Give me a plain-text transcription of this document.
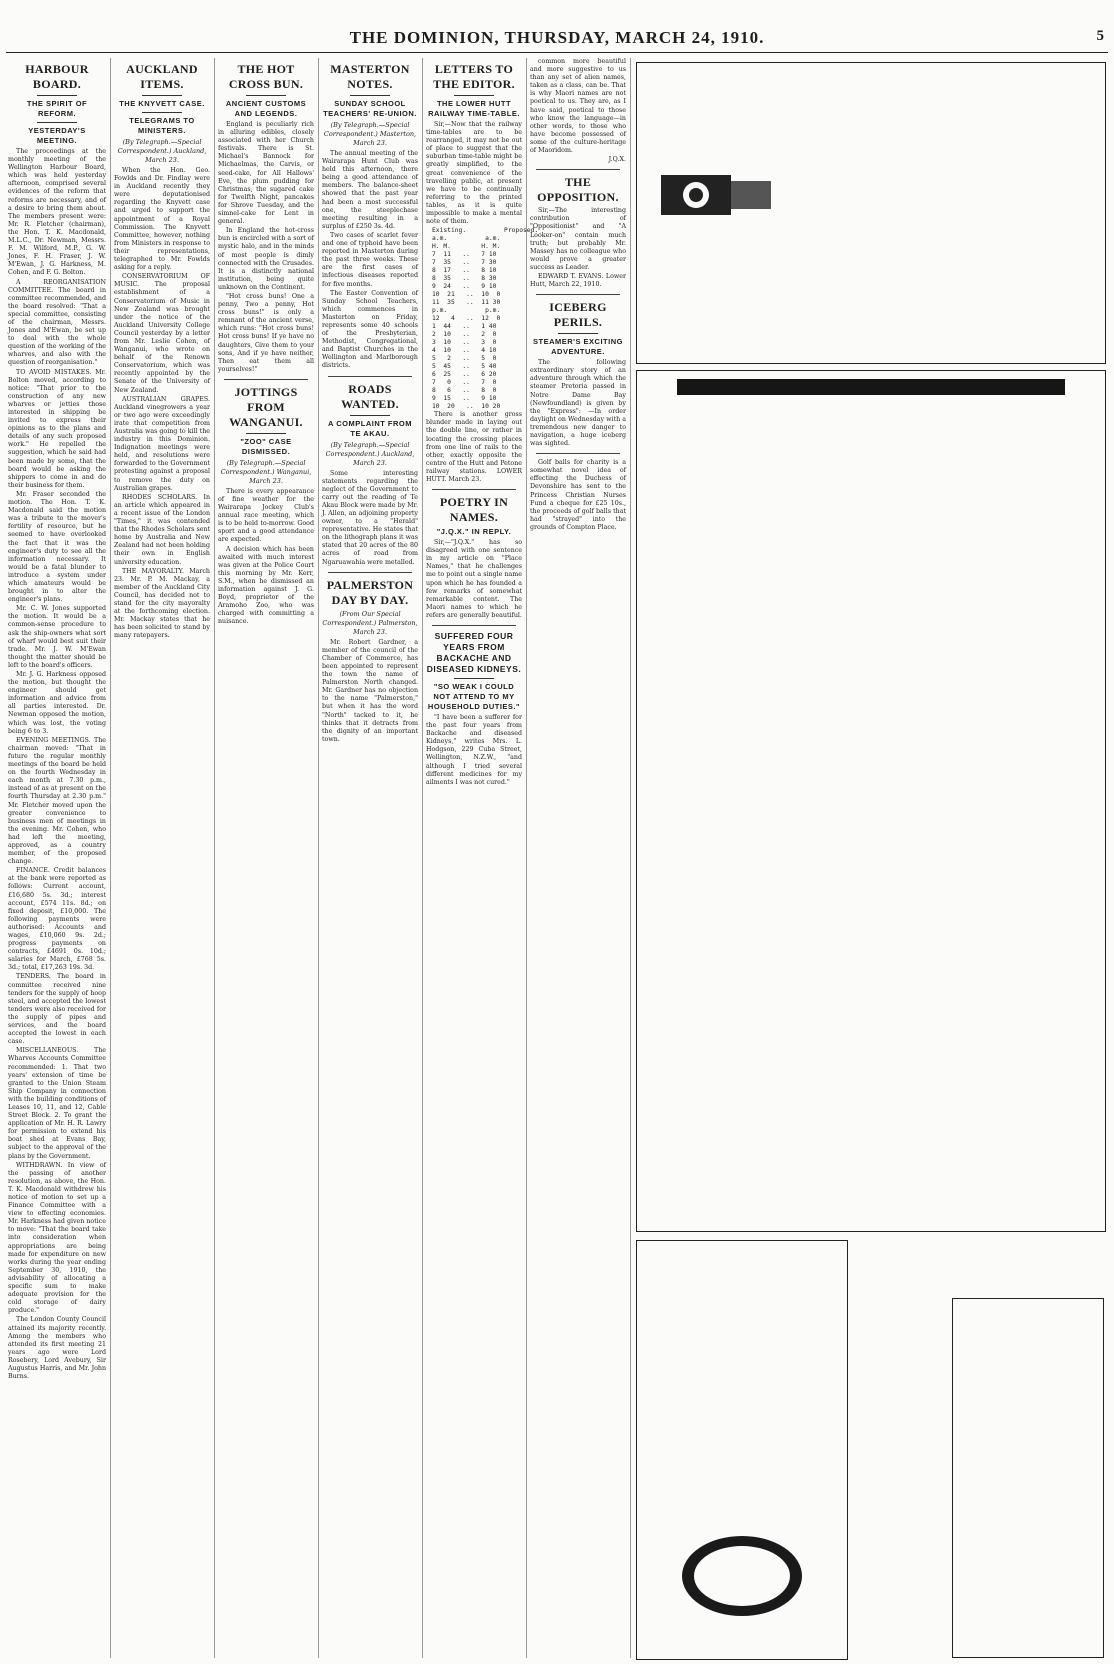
THE DOMINION, THURSDAY, MARCH 24, 1910.	5
HARBOUR BOARD.
THE SPIRIT OF REFORM.
YESTERDAY'S MEETING.

The proceedings at the monthly meeting of the Wellington Harbour Board, which was held yesterday afternoon, comprised several evidences of the reform that reforms are necessary, and of a desire to bring them about. The members present were: Mr. R. Fletcher (chairman), the Hon. T. K. Macdonald, M.L.C., Dr. Newman, Messrs. F. M. Wilford, M.P., G. W. Jones, F. H. Fraser, J. W. M'Ewan, J. G. Harkness, M. Cohen, and F. G. Bolton.

A REORGANISATION COMMITTEE. The board in committee recommended, and the board resolved: "That a special committee, consisting of the chairman, Messrs. Jones and M'Ewan, be set up to deal with the whole question of the working of the wharves, and also with the question of reorganisation."

TO AVOID MISTAKES. Mr. Bolton moved, according to notice: "That prior to the construction of any new wharves or jetties those interested in shipping be invited to express their opinions as to the plans and details of any such proposed work." He repelled the suggestion, which he said had been made by some, that the board would be asking the shippers to come in and do their business for them.

Mr. Fraser seconded the motion. The Hon. T. K. Macdonald said the motion was a tribute to the mover's fertility of resource, but he seemed to have overlooked the fact that it was the engineer's duty to see all the information necessary. It would be a fatal blunder to introduce a system under which amateurs would be brought in to alter the engineer's plans.

Mr. C. W. Jones supported the motion. It would be a common-sense procedure to ask the ship-owners what sort of wharf would best suit their trade. Mr. J. W. M'Ewan thought the matter should be left to the board's officers.

Mr. J. G. Harkness opposed the motion, but thought the engineer should get information and advice from all parties interested. Dr. Newman opposed the motion, which was lost, the voting being 6 to 3.

EVENING MEETINGS. The chairman moved: "That in future the regular monthly meetings of the board be held on the fourth Wednesday in each month at 7.30 p.m., instead of as at present on the fourth Thursday at 2.30 p.m." Mr. Fletcher moved upon the greater convenience to business men of meetings in the evening. Mr. Cohen, who had left the meeting, approved, as a country member, of the proposed change.

FINANCE. Credit balances at the bank were reported as follows: Current account, £16,680 5s. 3d.; interest account, £574 11s. 8d.; on fixed deposit, £10,000. The following payments were authorised: Accounts and wages, £10,060 9s. 2d.; progress payments on contracts, £4691 0s. 10d.; salaries for March, £768 5s. 3d.; total, £17,263 19s. 3d.

TENDERS. The board in committee received nine tenders for the supply of hoop steel, and accepted the lowest tenders were also received for the supply of pipes and services, and the board accepted the lowest in each case.

MISCELLANEOUS. The Wharves Accounts Committee recommended: 1. That two years' extension of time be granted to the Union Steam Ship Company in connection with the building conditions of Leases 10, 11, and 12, Cable Street Block. 2. To grant the application of Mr. H. R. Lawry for permission to extend his boat shed at Evans Bay, subject to the approval of the plans by the Government.

WITHDRAWN. In view of the passing of another resolution, as above, the Hon. T. K. Macdonald withdrew his notice of motion to set up a Finance Committee with a view to effecting economies. Mr. Harkness had given notice to move: "That the board take into consideration when appropriations are being made for expenditure on new works during the year ending September 30, 1910, the advisability of allocating a specific sum to make adequate provision for the cold storage of dairy produce."

The London County Council attained its majority recently. Among the members who attended its first meeting 21 years ago were Lord Rosebery, Lord Avebury, Sir Augustus Harris, and Mr. John Burns.

AUCKLAND ITEMS.
THE KNYVETT CASE.
TELEGRAMS TO MINISTERS.
(By Telegraph.—Special Correspondent.) Auckland, March 23.

When the Hon. Geo. Fowlds and Dr. Findlay were in Auckland recently they were deputationised regarding the Knyvett case and urged to support the appointment of a Royal Commission. The Knyvett Committee, however, nothing from Ministers in response to their representations, telegraphed to Mr. Fowlds asking for a reply.

CONSERVATORIUM OF MUSIC. The proposal establishment of a Conservatorium of Music in New Zealand was brought under the notice of the Auckland University College Council yesterday by a letter from Mr. Leslie Cohen, of Wanganui, who wrote on behalf of the Renown Conservatorium, which was recently appointed by the Senate of the University of New Zealand.

AUSTRALIAN GRAPES. Auckland vinegrowers a year or two ago were exceedingly irate that competition from Australia was going to kill the industry in this Dominion. Indignation meetings were held, and resolutions were forwarded to the Government protesting against a proposal to remove the duty on Australian grapes.

RHODES SCHOLARS. In an article which appeared in a recent issue of the London "Times," it was contended that the Rhodes Scholars sent home by Australia and New Zealand had not been holding their own in English university education.

THE MAYORALTY. March 23. Mr. P. M. Mackay, a member of the Auckland City Council, has decided not to stand for the city mayoralty at the forthcoming election. Mr. Mackay states that he has been solicited to stand by many ratepayers.

THE HOT CROSS BUN.
ANCIENT CUSTOMS AND LEGENDS.

England is peculiarly rich in alluring edibles, closely associated with her Church festivals. There is St. Michael's Bannock for Michaelmas, the Carvis, or seed-cake, for All Hallows' Eve, the plum pudding for Christmas, the sugared cake for Twelfth Night, pancakes for Shrove Tuesday, and the simnel-cake for Lent in general.

In England the hot-cross bun is encircled with a sort of mystic halo, and in the minds of most people is dimly connected with the Crusades. It is a distinctly national institution, being quite unknown on the Continent.

"Hot cross buns! One a penny, Two a penny, Hot cross buns!" is only a remnant of the ancient verse, which runs: "Hot cross buns! Hot cross buns! If ye have no daughters, Give them to your sons, And if ye have neither, Then eat them all yourselves!"

JOTTINGS FROM WANGANUI.
"ZOO" CASE DISMISSED.
(By Telegraph.—Special Correspondent.) Wanganui, March 23.

There is every appearance of fine weather for the Wairarapa Jockey Club's annual race meeting, which is to be held to-morrow. Good sport and a good attendance are expected.

A decision which has been awaited with much interest was given at the Police Court this morning by Mr. Kerr, S.M., when he dismissed an information against J. G. Boyd, proprietor of the Aramoho Zoo, who was charged with committing a nuisance.

MASTERTON NOTES.
SUNDAY SCHOOL TEACHERS' RE-UNION.
(By Telegraph.—Special Correspondent.) Masterton, March 23.

The annual meeting of the Wairarapa Hunt Club was held this afternoon, there being a good attendance of members. The balance-sheet showed that the past year had been a most successful one, the steeplechase meeting resulting in a surplus of £250 3s. 4d.

Two cases of scarlet fever and one of typhoid have been reported in Masterton during the past three weeks. These are the first cases of infectious diseases reported for five months.

The Easter Convention of Sunday School Teachers, which commences in Masterton on Friday, represents some 40 schools of the Presbyterian, Methodist, Congregational, and Baptist Churches in the Wellington and Marlborough districts.

ROADS WANTED.
A COMPLAINT FROM TE AKAU.
(By Telegraph.—Special Correspondent.) Auckland, March 23.

Some interesting statements regarding the neglect of the Government to carry out the reading of Te Akau Block were made by Mr. J. Allen, an adjoining property owner, to a "Herald" representative. He states that on the lithograph plans it was stated that 20 acres of the 80 acres of road from Ngaruawahia were metalled.

PALMERSTON DAY BY DAY.
(From Our Special Correspondent.) Palmerston, March 23.

Mr. Robert Gardner, a member of the council of the Chamber of Commerce, has been appointed to represent the town the name of Palmerston North changed. Mr. Gardner has no objection to the name "Palmerston," but when it has the word "North" tacked to it, he thinks that it detracts from the dignity of an important town.

LETTERS TO THE EDITOR.
THE LOWER HUTT RAILWAY TIME-TABLE.

Sir,—Now that the railway time-tables are to be rearranged, it may not be out of place to suggest that the suburban time-table might be greatly simplified, to the great convenience of the travelling public, at present we have to be continually referring to the printed tables, as it is quite impossible to make a mental note of them.

Existing.          Proposed.
a.m.          a.m.
H. M.        H. M.
7  11   ..   7 10
7  35   ..   7 30
8  17   ..   8 10
8  35   ..   8 30
9  24   ..   9 10
10  21   ..  10  0
11  35   ..  11 30
p.m.          p.m.
12   4   ..  12  0
1  44   ..   1 40
2  10   ..   2  0
3  10   ..   3  0
4  10   ..   4 10
5   2   ..   5  0
5  45   ..   5 40
6  25   ..   6 20
7   0   ..   7  0
8   6   ..   8  0
9  15   ..   9 10
10  20   ..  10 20

There is another gross blunder made in laying out the double line, or rather in locating the crossing places from one line of rails to the other, exactly opposite the centre of the Hutt and Petone railway stations. LOWER HUTT. March 23.

POETRY IN NAMES.
"J.Q.X." IN REPLY.

Sir,—"J.Q.X." has so disagreed with one sentence in my article on "Place Names," that he challenges me to point out a single name upon which he has founded a few remarks of somewhat remarkable content. The Maori names to which he refers are generally beautiful.

SUFFERED FOUR YEARS FROM BACKACHE AND DISEASED KIDNEYS.
"SO WEAK I COULD NOT ATTEND TO MY HOUSEHOLD DUTIES."

"I have been a sufferer for the past four years from Backache and diseased Kidneys," writes Mrs. L. Hodgson, 229 Cuba Street, Wellington, N.Z.W., "and although I tried several different medicines for my ailments I was not cured."

common more beautiful and more suggestive to us than any set of alien names, taken as a class, can be. That is why Maori names are not poetical to us. They are, as I have said, poetical to those who know the language—in other words, to those who have become possessed of some of the culture-heritage of Maoridom.

J.Q.X.

THE OPPOSITION.

Sir,—The interesting contribution of "Oppositionist" and "A Looker-on" contain much truth; but probably Mr. Massey has no colleague who would prove a greater success as Leader.

EDWARD T. EVANS. Lower Hutt, March 22, 1910.

ICEBERG PERILS.
STEAMER'S EXCITING ADVENTURE.

The following extraordinary story of an adventure through which the steamer Pretoria passed in Notre Dame Bay (Newfoundland) is given by the "Express": —In order daylight on Wednesday with a tremendous new danger to navigation, a huge iceberg was sighted.

Golf balls for charity is a somewhat novel idea of effecting the Duchess of Devonshire has sent to the Princess Christian Nurses Fund a cheque for £25 10s., the proceeds of golf balls that had "strayed" into the grounds of Compton Place.
